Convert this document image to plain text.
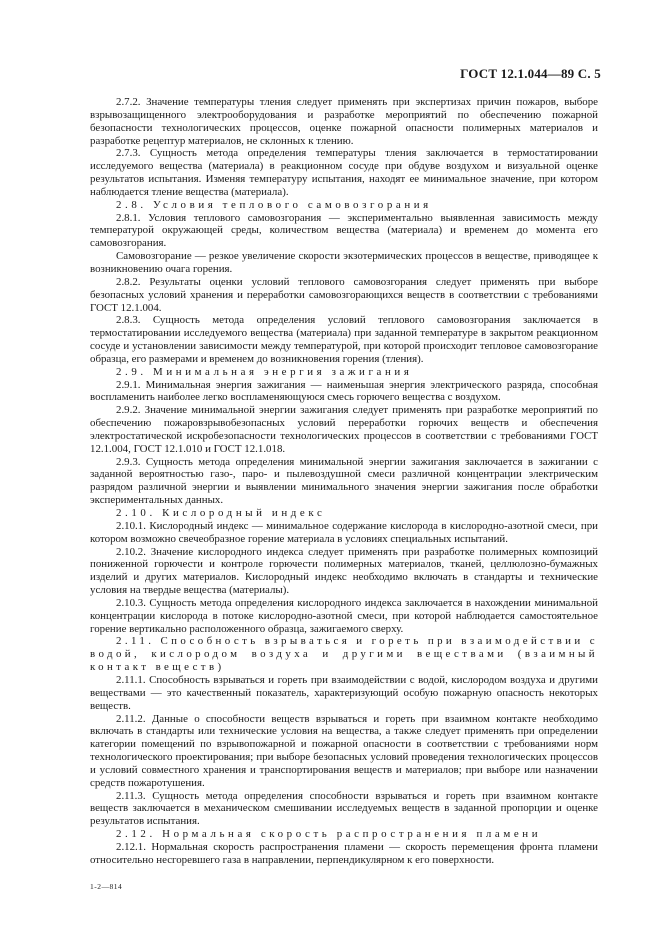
ГОСТ 12.1.044—89 С. 5

2.7.2. Значение температуры тления следует применять при экспертизах причин пожаров, выборе взрывозащищенного электрооборудования и разработке мероприятий по обеспечению пожарной безопасности технологических процессов, оценке пожарной опасности полимерных материалов и разработке рецептур материалов, не склонных к тлению.

2.7.3. Сущность метода определения температуры тления заключается в термостатировании исследуемого вещества (материала) в реакционном сосуде при обдуве воздухом и визуальной оценке результатов испытания. Изменяя температуру испытания, находят ее минимальное значение, при котором наблюдается тление вещества (материала).

2.8. Условия теплового самовозгорания

2.8.1. Условия теплового самовозгорания — экспериментально выявленная зависимость между температурой окружающей среды, количеством вещества (материала) и временем до момента его самовозгорания.

Самовозгорание — резкое увеличение скорости экзотермических процессов в веществе, приводящее к возникновению очага горения.

2.8.2. Результаты оценки условий теплового самовозгорания следует применять при выборе безопасных условий хранения и переработки самовозгорающихся веществ в соответствии с требованиями ГОСТ 12.1.004.

2.8.3. Сущность метода определения условий теплового самовозгорания заключается в термостатировании исследуемого вещества (материала) при заданной температуре в закрытом реакционном сосуде и установлении зависимости между температурой, при которой происходит тепловое самовозгорание образца, его размерами и временем до возникновения горения (тления).

2.9. Минимальная энергия зажигания

2.9.1. Минимальная энергия зажигания — наименьшая энергия электрического разряда, способная воспламенить наиболее легко воспламеняющуюся смесь горючего вещества с воздухом.

2.9.2. Значение минимальной энергии зажигания следует применять при разработке мероприятий по обеспечению пожаровзрывобезопасных условий переработки горючих веществ и обеспечения электростатической искробезопасности технологических процессов в соответствии с требованиями ГОСТ 12.1.004, ГОСТ 12.1.010 и ГОСТ 12.1.018.

2.9.3. Сущность метода определения минимальной энергии зажигания заключается в зажигании с заданной вероятностью газо-, паро- и пылевоздушной смеси различной концентрации электрическим разрядом различной энергии и выявлении минимального значения энергии зажигания после обработки экспериментальных данных.

2.10. Кислородный индекс

2.10.1. Кислородный индекс — минимальное содержание кислорода в кислородно-азотной смеси, при котором возможно свечеобразное горение материала в условиях специальных испытаний.

2.10.2. Значение кислородного индекса следует применять при разработке полимерных композиций пониженной горючести и контроле горючести полимерных материалов, тканей, целлюлозно-бумажных изделий и других материалов. Кислородный индекс необходимо включать в стандарты и технические условия на твердые вещества (материалы).

2.10.3. Сущность метода определения кислородного индекса заключается в нахождении минимальной концентрации кислорода в потоке кислородно-азотной смеси, при которой наблюдается самостоятельное горение вертикально расположенного образца, зажигаемого сверху.

2.11. Способность взрываться и гореть при взаимодействии с водой, кислородом воздуха и другими веществами (взаимный контакт веществ)

2.11.1. Способность взрываться и гореть при взаимодействии с водой, кислородом воздуха и другими веществами — это качественный показатель, характеризующий особую пожарную опасность некоторых веществ.

2.11.2. Данные о способности веществ взрываться и гореть при взаимном контакте необходимо включать в стандарты или технические условия на вещества, а также следует применять при определении категории помещений по взрывопожарной и пожарной опасности в соответствии с требованиями норм технологического проектирования; при выборе безопасных условий проведения технологических процессов и условий совместного хранения и транспортирования веществ и материалов; при выборе или назначении средств пожаротушения.

2.11.3. Сущность метода определения способности взрываться и гореть при взаимном контакте веществ заключается в механическом смешивании исследуемых веществ в заданной пропорции и оценке результатов испытания.

2.12. Нормальная скорость распространения пламени

2.12.1. Нормальная скорость распространения пламени — скорость перемещения фронта пламени относительно несгоревшего газа в направлении, перпендикулярном к его поверхности.

1-2—814
